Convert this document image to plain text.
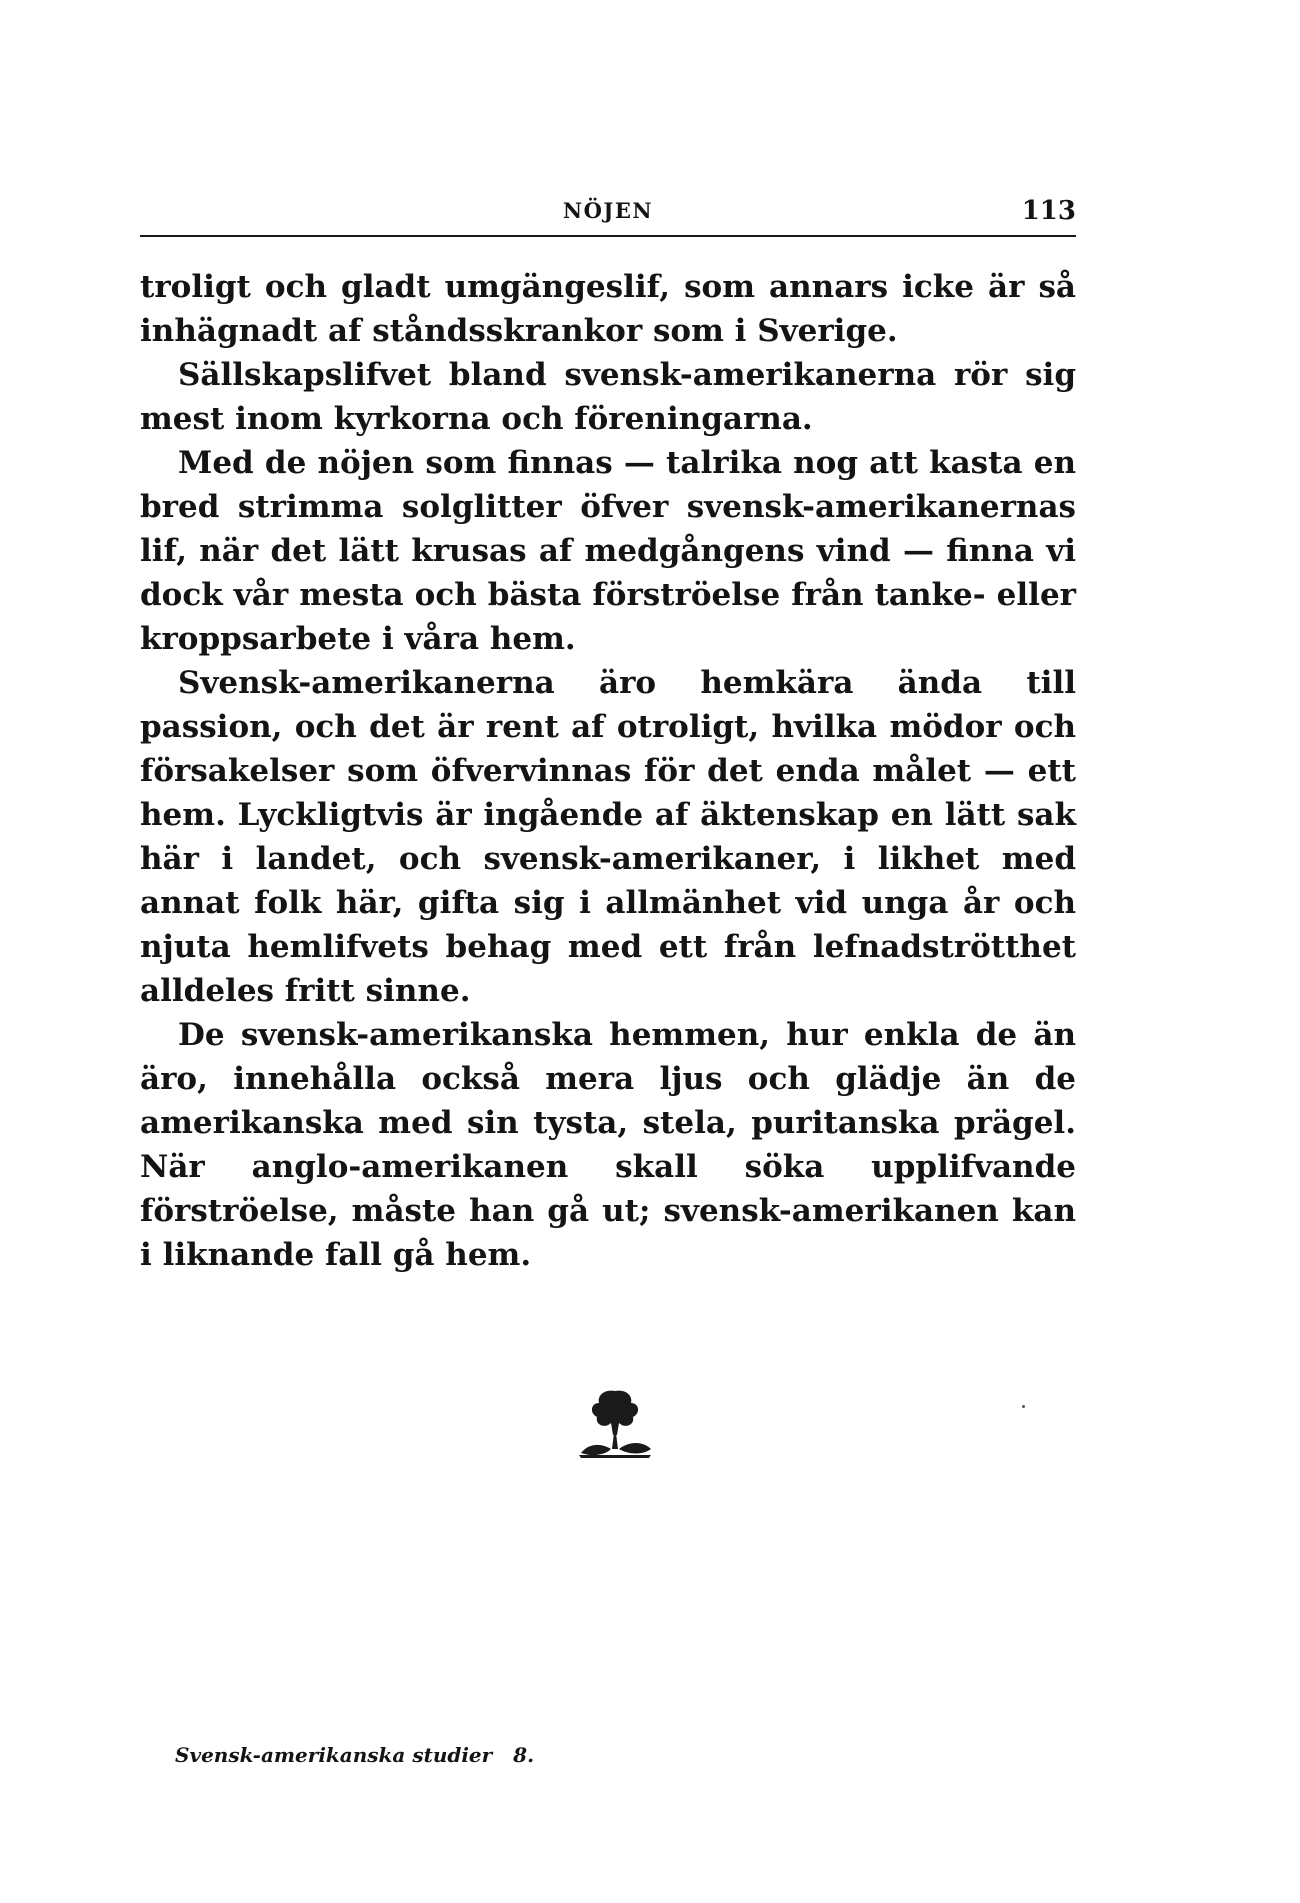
NÖJEN	113

troligt och gladt umgängeslif, som annars icke är så inhägnadt af ståndsskrankor som i Sverige.

Sällskapslifvet bland svensk-amerikanerna rör sig mest inom kyrkorna och föreningarna.

Med de nöjen som finnas — talrika nog att kasta en bred strimma solglitter öfver svensk-amerikanernas lif, när det lätt krusas af medgångens vind — finna vi dock vår mesta och bästa förströelse från tanke- eller kroppsarbete i våra hem.

Svensk-amerikanerna äro hemkära ända till passion, och det är rent af otroligt, hvilka mödor och försakelser som öfvervinnas för det enda målet — ett hem. Lyckligtvis är ingående af äktenskap en lätt sak här i landet, och svensk-amerikaner, i likhet med annat folk här, gifta sig i allmänhet vid unga år och njuta hemlifvets behag med ett från lefnadströtthet alldeles fritt sinne.

De svensk-amerikanska hemmen, hur enkla de än äro, innehålla också mera ljus och glädje än de amerikanska med sin tysta, stela, puritanska prägel. När anglo-amerikanen skall söka upplifvande förströelse, måste han gå ut; svensk-amerikanen kan i liknande fall gå hem.

Svensk-amerikanska studier 8.
